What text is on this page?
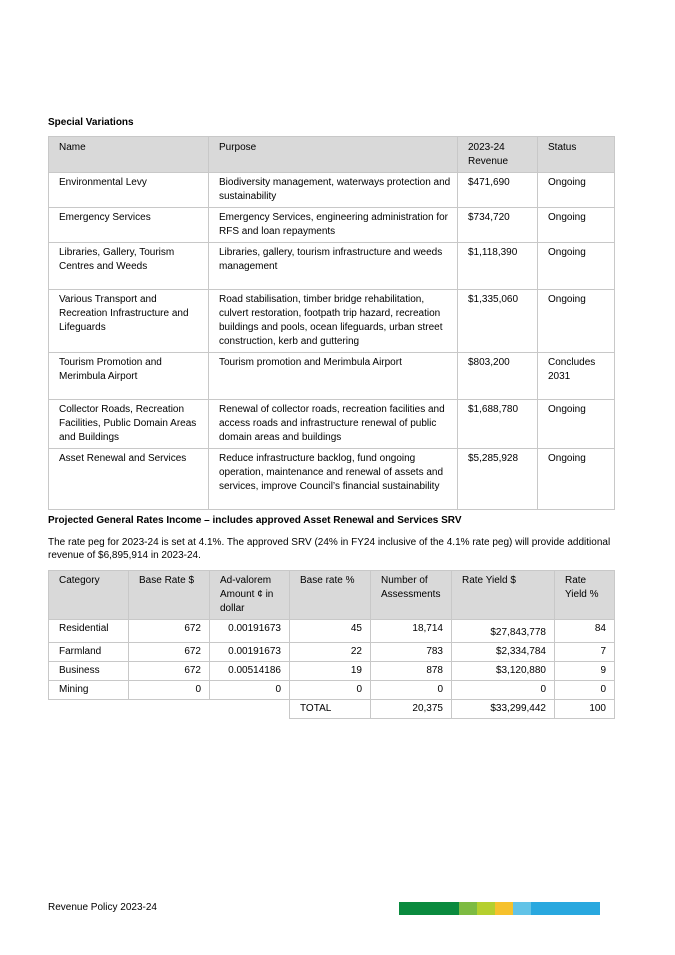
Special Variations
Name	Purpose	2023-24 Revenue	Status
Environmental Levy	Biodiversity management, waterways protection and sustainability	$471,690	Ongoing
Emergency Services	Emergency Services, engineering administration for RFS and loan repayments	$734,720	Ongoing
Libraries, Gallery, Tourism Centres and Weeds	Libraries, gallery, tourism infrastructure and weeds management	$1,118,390	Ongoing
Various Transport and Recreation Infrastructure and Lifeguards	Road stabilisation, timber bridge rehabilitation, culvert restoration, footpath trip hazard, recreation buildings and pools, ocean lifeguards, urban street construction, kerb and guttering	$1,335,060	Ongoing
Tourism Promotion and Merimbula Airport	Tourism promotion and Merimbula Airport	$803,200	Concludes 2031
Collector Roads, Recreation Facilities, Public Domain Areas and Buildings	Renewal of collector roads, recreation facilities and access roads and infrastructure renewal of public domain areas and buildings	$1,688,780	Ongoing
Asset Renewal and Services	Reduce infrastructure backlog, fund ongoing operation, maintenance and renewal of assets and services, improve Council’s financial sustainability	$5,285,928	Ongoing
Projected General Rates Income – includes approved Asset Renewal and Services SRV
The rate peg for 2023-24 is set at 4.1%. The approved SRV (24% in FY24 inclusive of the 4.1% rate peg) will provide additional revenue of $6,895,914 in 2023-24.
Category	Base Rate $	Ad-valorem Amount ¢ in dollar	Base rate %	Number of Assessments	Rate Yield $	Rate Yield %
Residential	672	0.00191673	45	18,714	$27,843,778	84
Farmland	672	0.00191673	22	783	$2,334,784	7
Business	672	0.00514186	19	878	$3,120,880	9
Mining	0	0	0	0	0	0
			TOTAL	20,375	$33,299,442	100
Revenue Policy 2023-24
